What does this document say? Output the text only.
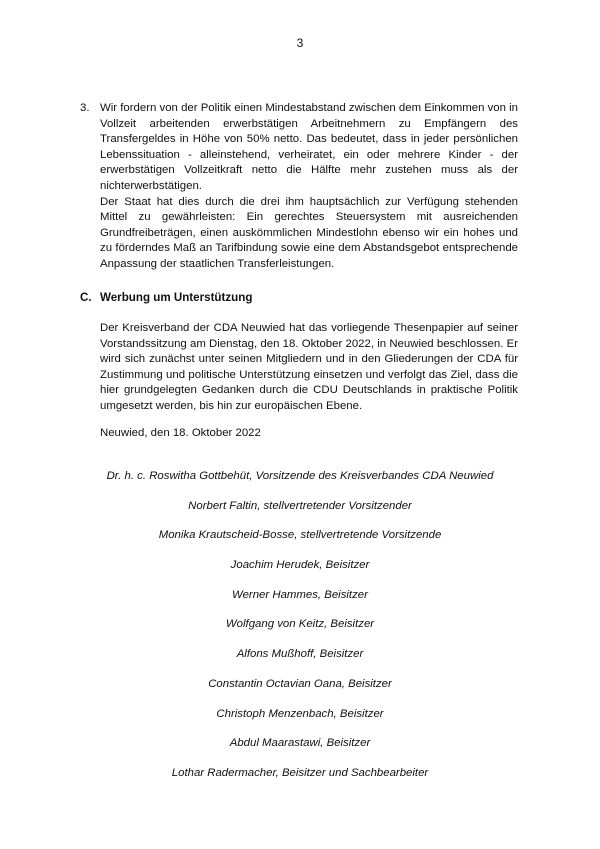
3
3. Wir fordern von der Politik einen Mindestabstand zwischen dem Einkommen von in Vollzeit arbeitenden erwerbstätigen Arbeitnehmern zu Empfängern des Transfergeldes in Höhe von 50% netto. Das bedeutet, dass in jeder persönlichen Lebenssituation - alleinstehend, verheiratet, ein oder mehrere Kinder - der erwerbstätigen Vollzeitkraft netto die Hälfte mehr zustehen muss als der nichterwerbstätigen.

Der Staat hat dies durch die drei ihm hauptsächlich zur Verfügung stehenden Mittel zu gewährleisten: Ein gerechtes Steuersystem mit ausreichenden Grundfreibeträgen, einen auskömmlichen Mindestlohn ebenso wir ein hohes und zu förderndes Maß an Tarifbindung sowie eine dem Abstandsgebot entsprechende Anpassung der staatlichen Transferleistungen.

C. Werbung um Unterstützung

Der Kreisverband der CDA Neuwied hat das vorliegende Thesenpapier auf seiner Vorstandssitzung am Dienstag, den 18. Oktober 2022, in Neuwied beschlossen. Er wird sich zunächst unter seinen Mitgliedern und in den Gliederungen der CDA für Zustimmung und politische Unterstützung einsetzen und verfolgt das Ziel, dass die hier grundgelegten Gedanken durch die CDU Deutschlands in praktische Politik umgesetzt werden, bis hin zur europäischen Ebene.

Neuwied, den 18. Oktober 2022
Dr. h. c. Roswitha Gottbehüt, Vorsitzende des Kreisverbandes CDA Neuwied
Norbert Faltin, stellvertretender Vorsitzender
Monika Krautscheid-Bosse, stellvertretende Vorsitzende
Joachim Herudek, Beisitzer
Werner Hammes, Beisitzer
Wolfgang von Keitz, Beisitzer
Alfons Mußhoff, Beisitzer
Constantin Octavian Oana, Beisitzer
Christoph Menzenbach, Beisitzer
Abdul Maarastawi, Beisitzer
Lothar Radermacher, Beisitzer und Sachbearbeiter
